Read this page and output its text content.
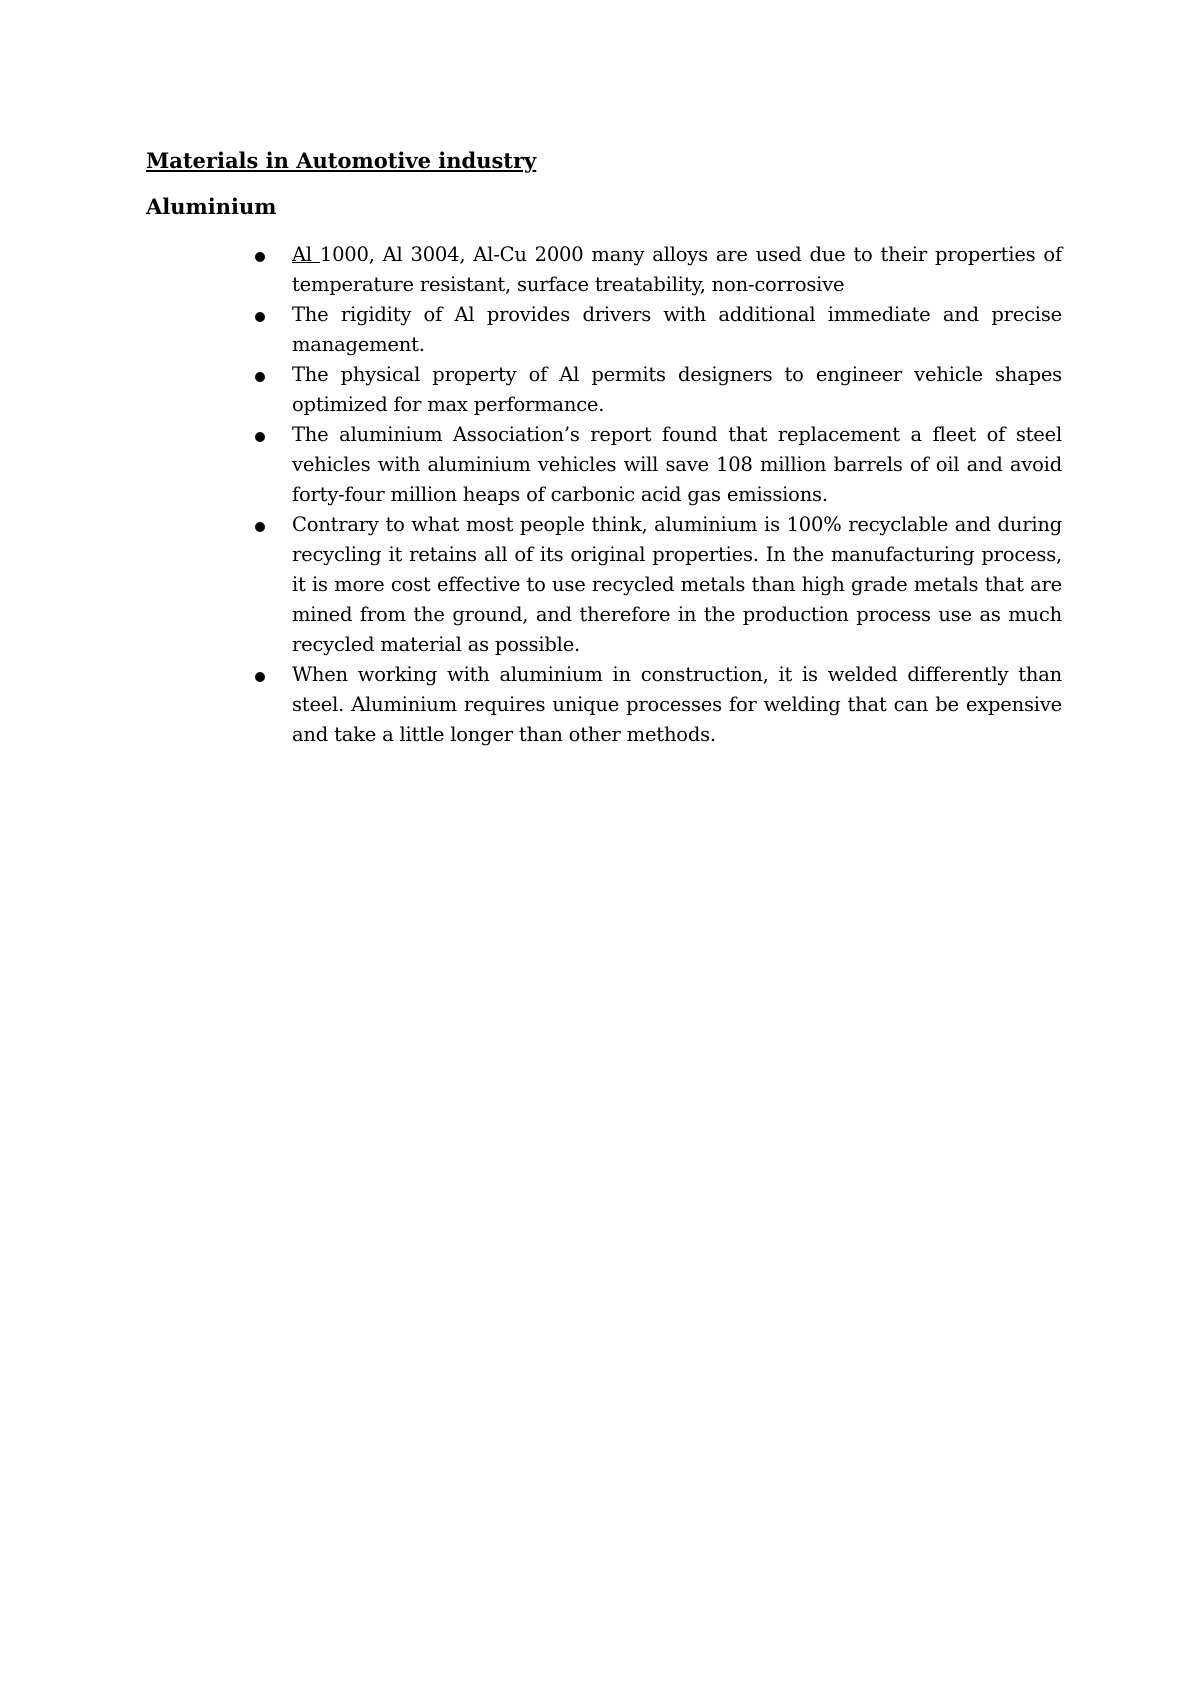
Materials in Automotive industry
Aluminium
Al 1000, Al 3004, Al-Cu 2000 many alloys are used due to their properties of temperature resistant, surface treatability, non-corrosive
The rigidity of Al provides drivers with additional immediate and precise management.
The physical property of Al permits designers to engineer vehicle shapes optimized for max performance.
The aluminium Association’s report found that replacement a fleet of steel vehicles with aluminium vehicles will save 108 million barrels of oil and avoid forty-four million heaps of carbonic acid gas emissions.
Contrary to what most people think, aluminium is 100% recyclable and during recycling it retains all of its original properties. In the manufacturing process, it is more cost effective to use recycled metals than high grade metals that are mined from the ground, and therefore in the production process use as much recycled material as possible.
When working with aluminium in construction, it is welded differently than steel. Aluminium requires unique processes for welding that can be expensive and take a little longer than other methods.
